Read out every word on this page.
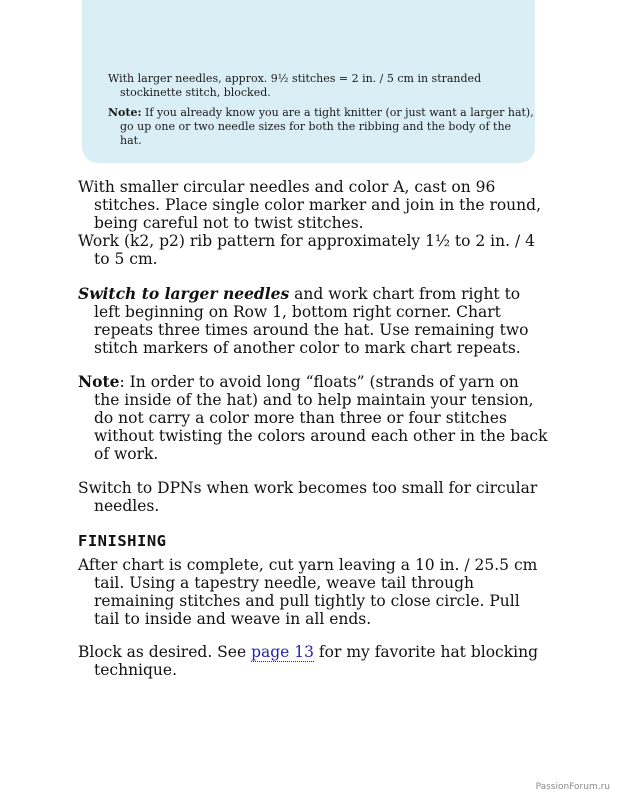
With larger needles, approx. 9½ stitches = 2 in. / 5 cm in stranded stockinette stitch, blocked.

Note: If you already know you are a tight knitter (or just want a larger hat), go up one or two needle sizes for both the ribbing and the body of the hat.

With smaller circular needles and color A, cast on 96 stitches. Place single color marker and join in the round, being careful not to twist stitches.

Work (k2, p2) rib pattern for approximately 1½ to 2 in. / 4 to 5 cm.

Switch to larger needles and work chart from right to left beginning on Row 1, bottom right corner. Chart repeats three times around the hat. Use remaining two stitch markers of another color to mark chart repeats.

Note: In order to avoid long “floats” (strands of yarn on the inside of the hat) and to help maintain your tension, do not carry a color more than three or four stitches without twisting the colors around each other in the back of work.

Switch to DPNs when work becomes too small for circular needles.

FINISHING

After chart is complete, cut yarn leaving a 10 in. / 25.5 cm tail. Using a tapestry needle, weave tail through remaining stitches and pull tightly to close circle. Pull tail to inside and weave in all ends.

Block as desired. See page 13 for my favorite hat blocking technique.

PassionForum.ru
